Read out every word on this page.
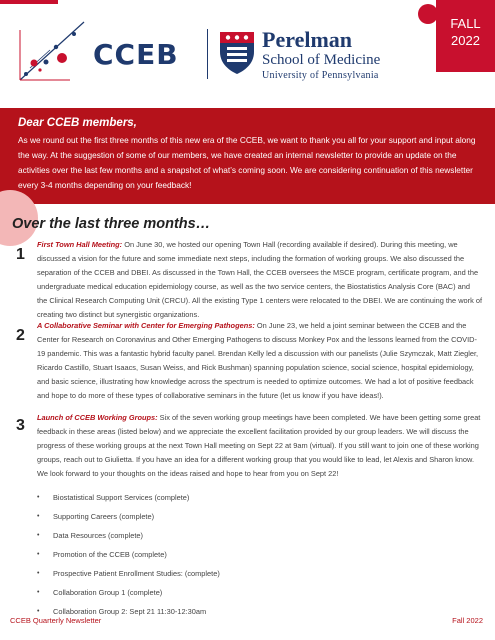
CCEB	Perelman
School of Medicine
University of Pennsylvania
FALL
2022
Dear CCEB members,
As we round out the first three months of this new era of the CCEB, we want to thank you all for your support and input along the way. At the suggestion of some of our members, we have created an internal newsletter to provide an update on the activities over the last few months and a snapshot of what’s coming soon. We are considering continuation of this newsletter every 3-4 months depending on your feedback!
Over the last three months…
1
First Town Hall Meeting: On June 30, we hosted our opening Town Hall (recording available if desired). During this meeting, we discussed a vision for the future and some immediate next steps, including the formation of working groups. We also discussed the separation of the CCEB and DBEI. As discussed in the Town Hall, the CCEB oversees the MSCE program, certificate program, and the undergraduate medical education epidemiology course, as well as the two service centers, the Biostatistics Analysis Core (BAC) and the Clinical Research Computing Unit (CRCU). All the existing Type 1 centers were relocated to the DBEI. We are continuing the work of creating two distinct but synergistic organizations.
2
A Collaborative Seminar with Center for Emerging Pathogens: On June 23, we held a joint seminar between the CCEB and the Center for Research on Coronavirus and Other Emerging Pathogens to discuss Monkey Pox and the lessons learned from the COVID-19 pandemic. This was a fantastic hybrid faculty panel. Brendan Kelly led a discussion with our panelists (Julie Szymczak, Matt Ziegler, Ricardo Castillo, Stuart Isaacs, Susan Weiss, and Rick Bushman) spanning population science, social science, hospital epidemiology, and basic science, illustrating how knowledge across the spectrum is needed to optimize outcomes. We had a lot of positive feedback and hope to do more of these types of collaborative seminars in the future (let us know if you have ideas!).
3 Launch of CCEB Working Groups: Six of the seven working group meetings have been completed. We have been getting some great feedback in these areas (listed below) and we appreciate the excellent facilitation provided by our group leaders. We will discuss the progress of these working groups at the next Town Hall meeting on Sept 22 at 9am (virtual). If you still want to join one of these working groups, reach out to Giulietta. If you have an idea for a different working group that you would like to lead, let Alexis and Sharon know. We look forward to your thoughts on the ideas raised and hope to hear from you on Sept 22!
• Biostatistical Support Services (complete)
• Supporting Careers (complete)
• Data Resources (complete)
• Promotion of the CCEB (complete)
• Prospective Patient Enrollment Studies: (complete)
• Collaboration Group 1 (complete)
• Collaboration Group 2: Sept 21 11:30-12:30am
CCEB Quarterly Newsletter	Fall 2022
